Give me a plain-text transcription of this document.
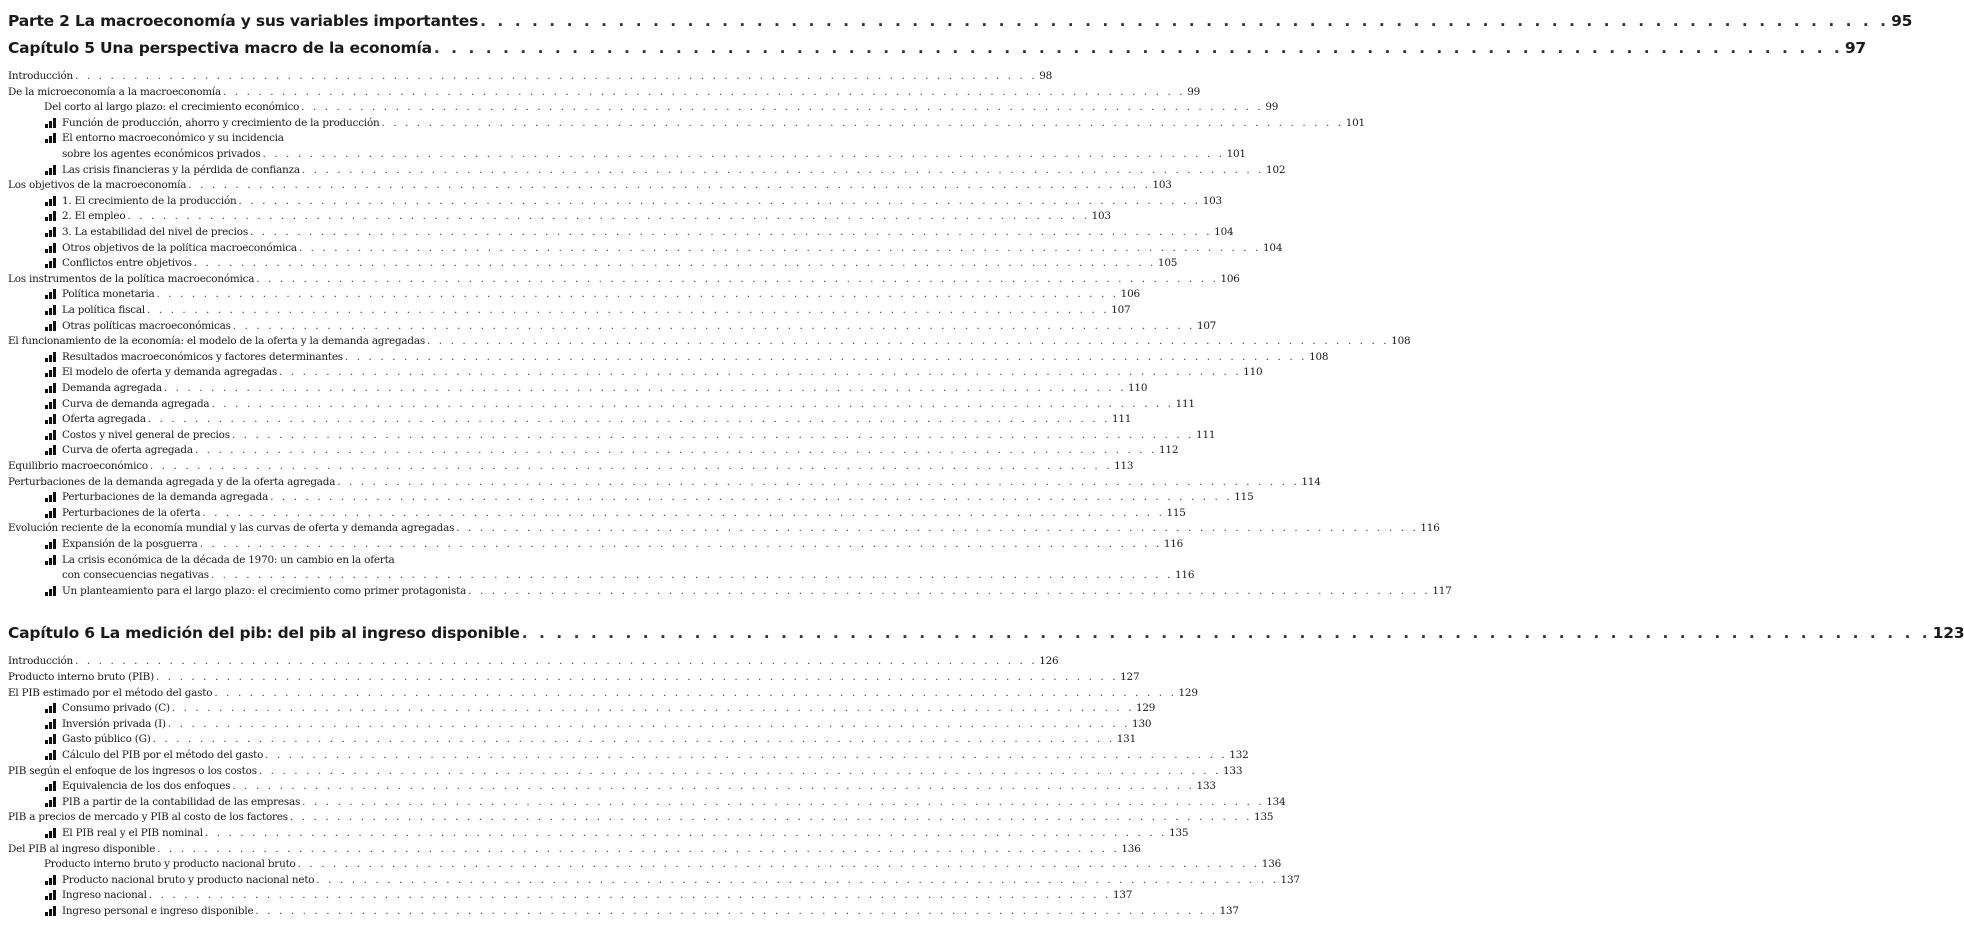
Parte 2 La macroeconomía y sus variables importantes . . . . . . . . . . . . . . . . . . . . . . . . . . . . . . . . . . . . . . . . . . . . . . . . . . . . . . . . . . . . . . . . . . . . . . . . . . . . . . . . . . 95
Capítulo 5 Una perspectiva macro de la economía . . . . . . . . . . . . . . . . . . . . . . . . . . . . . . . . . . . . . . . . . . . . . . . . . . . . . . . . . . . . . . . . . . . . . . . . . . . . . . . . . . 97
Introducción . . . . . . . . . . . . . . . . . . . . . . . . . . . . . . . . . . . . . . . . . . . . . . . . . . . . . . . . . . . . . . . . . . . . . . . . . . . . . . . . . . 98
De la microeconomía a la macroeconomía . . . . . . . . . . . . . . . . . . . . . . . . . . . . . . . . . . . . . . . . . . . . . . . . . . . . . . . . . . . . . . . . . . . . . . . . . . . . . . . . . . 99
Del corto al largo plazo: el crecimiento económico . . . . . . . . . . . . . . . . . . . . . . . . . . . . . . . . . . . . . . . . . . . . . . . . . . . . . . . . . . . . . . . . . . . . . . . . . . . . . . . . . . 99
Función de producción, ahorro y crecimiento de la producción . . . . . . . . . . . . . . . . . . . . . . . . . . . . . . . . . . . . . . . . . . . . . . . . . . . . . . . . . . . . . . . . . . . . . . . . . . . . . . . . . . 101
El entorno macroeconómico y su incidencia
sobre los agentes económicos privados . . . . . . . . . . . . . . . . . . . . . . . . . . . . . . . . . . . . . . . . . . . . . . . . . . . . . . . . . . . . . . . . . . . . . . . . . . . . . . . . . . 101
Las crisis financieras y la pérdida de confianza . . . . . . . . . . . . . . . . . . . . . . . . . . . . . . . . . . . . . . . . . . . . . . . . . . . . . . . . . . . . . . . . . . . . . . . . . . . . . . . . . . 102
Los objetivos de la macroeconomía . . . . . . . . . . . . . . . . . . . . . . . . . . . . . . . . . . . . . . . . . . . . . . . . . . . . . . . . . . . . . . . . . . . . . . . . . . . . . . . . . . 103
1. El crecimiento de la producción . . . . . . . . . . . . . . . . . . . . . . . . . . . . . . . . . . . . . . . . . . . . . . . . . . . . . . . . . . . . . . . . . . . . . . . . . . . . . . . . . . 103
2. El empleo . . . . . . . . . . . . . . . . . . . . . . . . . . . . . . . . . . . . . . . . . . . . . . . . . . . . . . . . . . . . . . . . . . . . . . . . . . . . . . . . . . 103
3. La estabilidad del nivel de precios . . . . . . . . . . . . . . . . . . . . . . . . . . . . . . . . . . . . . . . . . . . . . . . . . . . . . . . . . . . . . . . . . . . . . . . . . . . . . . . . . . 104
Otros objetivos de la política macroeconómica . . . . . . . . . . . . . . . . . . . . . . . . . . . . . . . . . . . . . . . . . . . . . . . . . . . . . . . . . . . . . . . . . . . . . . . . . . . . . . . . . . 104
Conflictos entre objetivos . . . . . . . . . . . . . . . . . . . . . . . . . . . . . . . . . . . . . . . . . . . . . . . . . . . . . . . . . . . . . . . . . . . . . . . . . . . . . . . . . . 105
Los instrumentos de la política macroeconómica . . . . . . . . . . . . . . . . . . . . . . . . . . . . . . . . . . . . . . . . . . . . . . . . . . . . . . . . . . . . . . . . . . . . . . . . . . . . . . . . . . 106
Política monetaria . . . . . . . . . . . . . . . . . . . . . . . . . . . . . . . . . . . . . . . . . . . . . . . . . . . . . . . . . . . . . . . . . . . . . . . . . . . . . . . . . . 106
La política fiscal . . . . . . . . . . . . . . . . . . . . . . . . . . . . . . . . . . . . . . . . . . . . . . . . . . . . . . . . . . . . . . . . . . . . . . . . . . . . . . . . . . 107
Otras políticas macroeconómicas . . . . . . . . . . . . . . . . . . . . . . . . . . . . . . . . . . . . . . . . . . . . . . . . . . . . . . . . . . . . . . . . . . . . . . . . . . . . . . . . . . 107
El funcionamiento de la economía: el modelo de la oferta y la demanda agregadas . . . . . . . . . . . . . . . . . . . . . . . . . . . . . . . . . . . . . . . . . . . . . . . . . . . . . . . . . . . . . . . . . . . . . . . . . . . . . . . . . . 108
Resultados macroeconómicos y factores determinantes . . . . . . . . . . . . . . . . . . . . . . . . . . . . . . . . . . . . . . . . . . . . . . . . . . . . . . . . . . . . . . . . . . . . . . . . . . . . . . . . . . 108
El modelo de oferta y demanda agregadas . . . . . . . . . . . . . . . . . . . . . . . . . . . . . . . . . . . . . . . . . . . . . . . . . . . . . . . . . . . . . . . . . . . . . . . . . . . . . . . . . . 110
Demanda agregada . . . . . . . . . . . . . . . . . . . . . . . . . . . . . . . . . . . . . . . . . . . . . . . . . . . . . . . . . . . . . . . . . . . . . . . . . . . . . . . . . . 110
Curva de demanda agregada . . . . . . . . . . . . . . . . . . . . . . . . . . . . . . . . . . . . . . . . . . . . . . . . . . . . . . . . . . . . . . . . . . . . . . . . . . . . . . . . . . 111
Oferta agregada . . . . . . . . . . . . . . . . . . . . . . . . . . . . . . . . . . . . . . . . . . . . . . . . . . . . . . . . . . . . . . . . . . . . . . . . . . . . . . . . . . 111
Costos y nivel general de precios . . . . . . . . . . . . . . . . . . . . . . . . . . . . . . . . . . . . . . . . . . . . . . . . . . . . . . . . . . . . . . . . . . . . . . . . . . . . . . . . . . 111
Curva de oferta agregada . . . . . . . . . . . . . . . . . . . . . . . . . . . . . . . . . . . . . . . . . . . . . . . . . . . . . . . . . . . . . . . . . . . . . . . . . . . . . . . . . . 112
Equilibrio macroeconómico . . . . . . . . . . . . . . . . . . . . . . . . . . . . . . . . . . . . . . . . . . . . . . . . . . . . . . . . . . . . . . . . . . . . . . . . . . . . . . . . . . 113
Perturbaciones de la demanda agregada y de la oferta agregada . . . . . . . . . . . . . . . . . . . . . . . . . . . . . . . . . . . . . . . . . . . . . . . . . . . . . . . . . . . . . . . . . . . . . . . . . . . . . . . . . . 114
Perturbaciones de la demanda agregada . . . . . . . . . . . . . . . . . . . . . . . . . . . . . . . . . . . . . . . . . . . . . . . . . . . . . . . . . . . . . . . . . . . . . . . . . . . . . . . . . . 115
Perturbaciones de la oferta . . . . . . . . . . . . . . . . . . . . . . . . . . . . . . . . . . . . . . . . . . . . . . . . . . . . . . . . . . . . . . . . . . . . . . . . . . . . . . . . . . 115
Evolución reciente de la economía mundial y las curvas de oferta y demanda agregadas . . . . . . . . . . . . . . . . . . . . . . . . . . . . . . . . . . . . . . . . . . . . . . . . . . . . . . . . . . . . . . . . . . . . . . . . . . . . . . . . . . 116
Expansión de la posguerra . . . . . . . . . . . . . . . . . . . . . . . . . . . . . . . . . . . . . . . . . . . . . . . . . . . . . . . . . . . . . . . . . . . . . . . . . . . . . . . . . . 116
La crisis económica de la década de 1970: un cambio en la oferta
con consecuencias negativas . . . . . . . . . . . . . . . . . . . . . . . . . . . . . . . . . . . . . . . . . . . . . . . . . . . . . . . . . . . . . . . . . . . . . . . . . . . . . . . . . . 116
Un planteamiento para el largo plazo: el crecimiento como primer protagonista . . . . . . . . . . . . . . . . . . . . . . . . . . . . . . . . . . . . . . . . . . . . . . . . . . . . . . . . . . . . . . . . . . . . . . . . . . . . . . . . . . 117
Capítulo 6 La medición del pib: del pib al ingreso disponible . . . . . . . . . . . . . . . . . . . . . . . . . . . . . . . . . . . . . . . . . . . . . . . . . . . . . . . . . . . . . . . . . . . . . . . . . . . . . . . . . . 123
Introducción . . . . . . . . . . . . . . . . . . . . . . . . . . . . . . . . . . . . . . . . . . . . . . . . . . . . . . . . . . . . . . . . . . . . . . . . . . . . . . . . . . 126
Producto interno bruto (PIB) . . . . . . . . . . . . . . . . . . . . . . . . . . . . . . . . . . . . . . . . . . . . . . . . . . . . . . . . . . . . . . . . . . . . . . . . . . . . . . . . . . 127
El PIB estimado por el método del gasto . . . . . . . . . . . . . . . . . . . . . . . . . . . . . . . . . . . . . . . . . . . . . . . . . . . . . . . . . . . . . . . . . . . . . . . . . . . . . . . . . . 129
Consumo privado (C) . . . . . . . . . . . . . . . . . . . . . . . . . . . . . . . . . . . . . . . . . . . . . . . . . . . . . . . . . . . . . . . . . . . . . . . . . . . . . . . . . . 129
Inversión privada (I) . . . . . . . . . . . . . . . . . . . . . . . . . . . . . . . . . . . . . . . . . . . . . . . . . . . . . . . . . . . . . . . . . . . . . . . . . . . . . . . . . . 130
Gasto público (G) . . . . . . . . . . . . . . . . . . . . . . . . . . . . . . . . . . . . . . . . . . . . . . . . . . . . . . . . . . . . . . . . . . . . . . . . . . . . . . . . . . 131
Cálculo del PIB por el método del gasto . . . . . . . . . . . . . . . . . . . . . . . . . . . . . . . . . . . . . . . . . . . . . . . . . . . . . . . . . . . . . . . . . . . . . . . . . . . . . . . . . . 132
PIB según el enfoque de los ingresos o los costos . . . . . . . . . . . . . . . . . . . . . . . . . . . . . . . . . . . . . . . . . . . . . . . . . . . . . . . . . . . . . . . . . . . . . . . . . . . . . . . . . . 133
Equivalencia de los dos enfoques . . . . . . . . . . . . . . . . . . . . . . . . . . . . . . . . . . . . . . . . . . . . . . . . . . . . . . . . . . . . . . . . . . . . . . . . . . . . . . . . . . 133
PIB a partir de la contabilidad de las empresas . . . . . . . . . . . . . . . . . . . . . . . . . . . . . . . . . . . . . . . . . . . . . . . . . . . . . . . . . . . . . . . . . . . . . . . . . . . . . . . . . . 134
PIB a precios de mercado y PIB al costo de los factores . . . . . . . . . . . . . . . . . . . . . . . . . . . . . . . . . . . . . . . . . . . . . . . . . . . . . . . . . . . . . . . . . . . . . . . . . . . . . . . . . . 135
El PIB real y el PIB nominal . . . . . . . . . . . . . . . . . . . . . . . . . . . . . . . . . . . . . . . . . . . . . . . . . . . . . . . . . . . . . . . . . . . . . . . . . . . . . . . . . . 135
Del PIB al ingreso disponible . . . . . . . . . . . . . . . . . . . . . . . . . . . . . . . . . . . . . . . . . . . . . . . . . . . . . . . . . . . . . . . . . . . . . . . . . . . . . . . . . . 136
Producto interno bruto y producto nacional bruto . . . . . . . . . . . . . . . . . . . . . . . . . . . . . . . . . . . . . . . . . . . . . . . . . . . . . . . . . . . . . . . . . . . . . . . . . . . . . . . . . . 136
Producto nacional bruto y producto nacional neto . . . . . . . . . . . . . . . . . . . . . . . . . . . . . . . . . . . . . . . . . . . . . . . . . . . . . . . . . . . . . . . . . . . . . . . . . . . . . . . . . . 137
Ingreso nacional . . . . . . . . . . . . . . . . . . . . . . . . . . . . . . . . . . . . . . . . . . . . . . . . . . . . . . . . . . . . . . . . . . . . . . . . . . . . . . . . . . 137
Ingreso personal e ingreso disponible . . . . . . . . . . . . . . . . . . . . . . . . . . . . . . . . . . . . . . . . . . . . . . . . . . . . . . . . . . . . . . . . . . . . . . . . . . . . . . . . . . 137
